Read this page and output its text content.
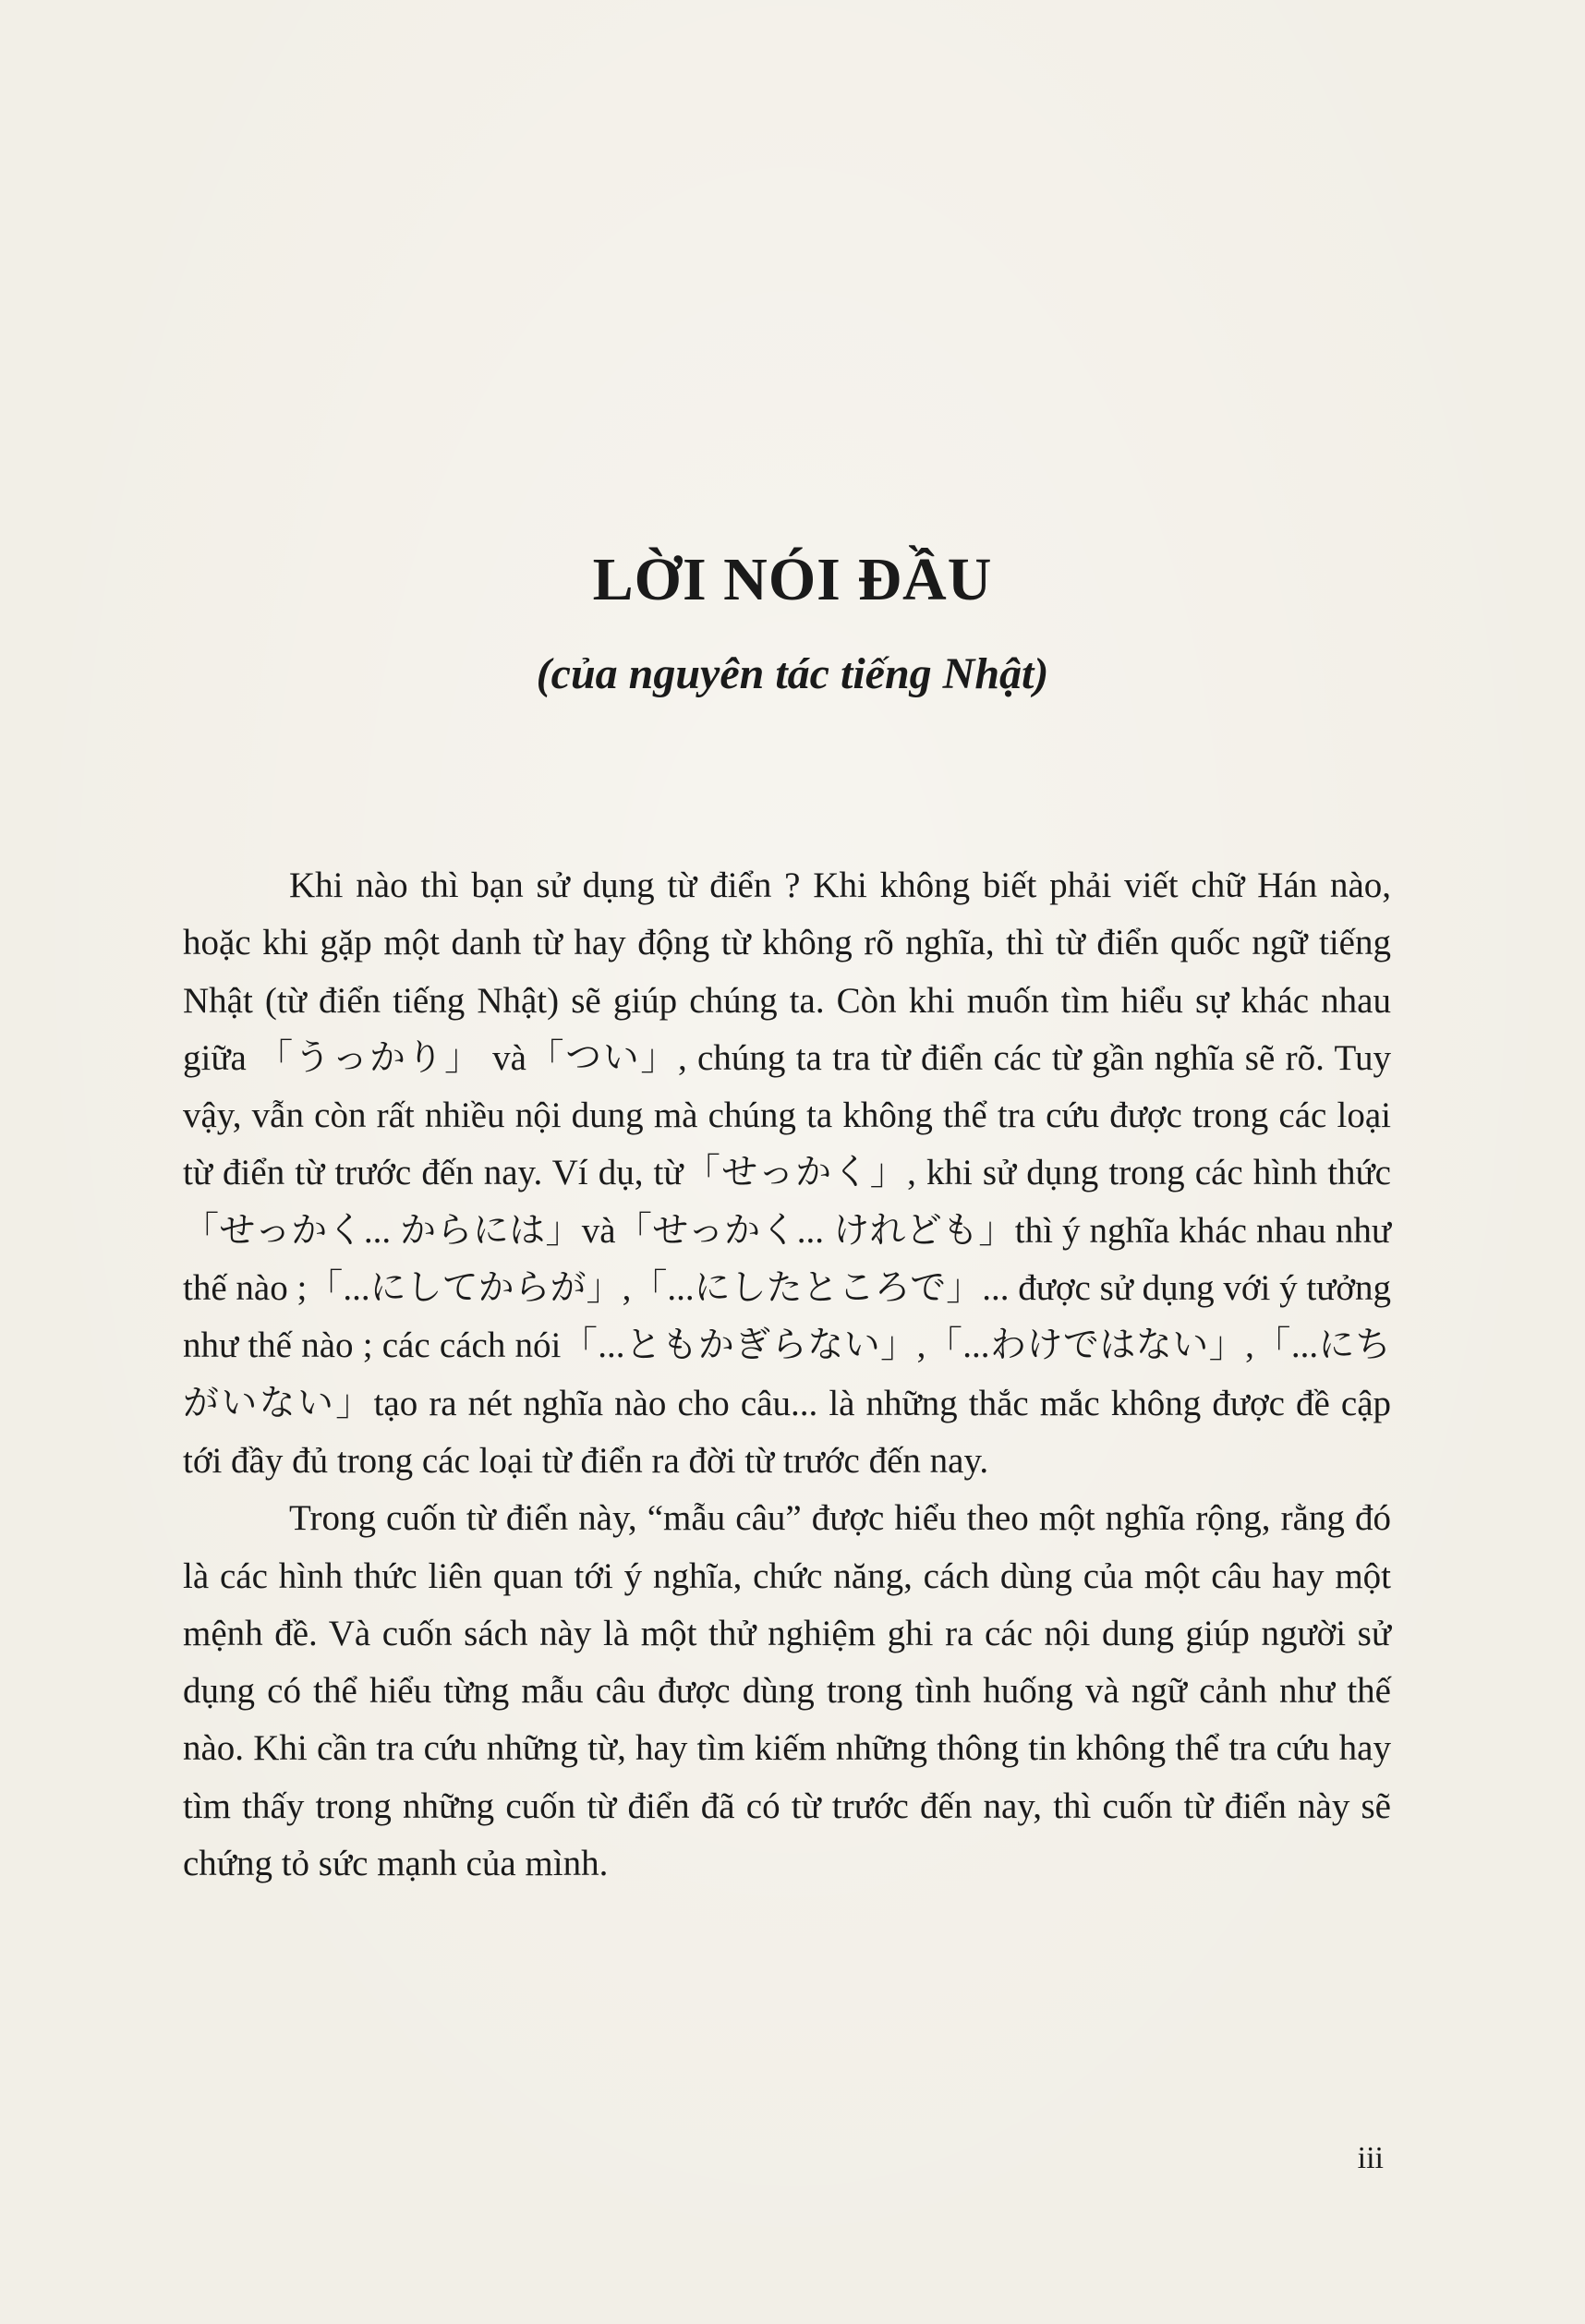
LỜI NÓI ĐẦU
(của nguyên tác tiếng Nhật)

Khi nào thì bạn sử dụng từ điển ? Khi không biết phải viết chữ Hán nào, hoặc khi gặp một danh từ hay động từ không rõ nghĩa, thì từ điển quốc ngữ tiếng Nhật (từ điển tiếng Nhật) sẽ giúp chúng ta. Còn khi muốn tìm hiểu sự khác nhau giữa 「うっかり」 và「つい」, chúng ta tra từ điển các từ gần nghĩa sẽ rõ. Tuy vậy, vẫn còn rất nhiều nội dung mà chúng ta không thể tra cứu được trong các loại từ điển từ trước đến nay. Ví dụ, từ「せっかく」, khi sử dụng trong các hình thức「せっかく... からには」và「せっかく... けれども」thì ý nghĩa khác nhau như thế nào ;「...にしてからが」,「...にしたところで」... được sử dụng với ý tưởng như thế nào ; các cách nói「...ともかぎらない」,「...わけではない」,「...にち がいない」tạo ra nét nghĩa nào cho câu... là những thắc mắc không được đề cập tới đầy đủ trong các loại từ điển ra đời từ trước đến nay.

Trong cuốn từ điển này, “mẫu câu” được hiểu theo một nghĩa rộng, rằng đó là các hình thức liên quan tới ý nghĩa, chức năng, cách dùng của một câu hay một mệnh đề. Và cuốn sách này là một thử nghiệm ghi ra các nội dung giúp người sử dụng có thể hiểu từng mẫu câu được dùng trong tình huống và ngữ cảnh như thế nào. Khi cần tra cứu những từ, hay tìm kiếm những thông tin không thể tra cứu hay tìm thấy trong những cuốn từ điển đã có từ trước đến nay, thì cuốn từ điển này sẽ chứng tỏ sức mạnh của mình.

iii
